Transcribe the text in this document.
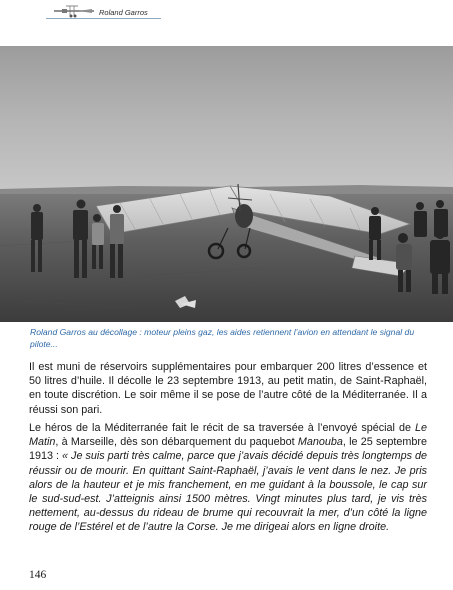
Roland Garros

Roland Garros au décollage : moteur pleins gaz, les aides retiennent l’avion en attendant le signal du pilote...

Il est muni de réservoirs supplémentaires pour embarquer 200 litres d’essence et 50 litres d’huile. Il décolle le 23 septembre 1913, au petit matin, de Saint-Raphaël, en toute discrétion. Le soir même il se pose de l’autre côté de la Méditerranée. Il a réussi son pari.

Le héros de la Méditerranée fait le récit de sa traversée à l’envoyé spécial de Le Matin, à Marseille, dès son débarquement du paquebot Manouba, le 25 septembre 1913 : « Je suis parti très calme, parce que j’avais décidé depuis très longtemps de réussir ou de mourir. En quittant Saint-Raphaël, j’avais le vent dans le nez. Je pris alors de la hauteur et je mis franchement, en me guidant à la boussole, le cap sur le sud-sud-est. J’atteignis ainsi 1500 mètres. Vingt minutes plus tard, je vis très nettement, au-dessus du rideau de brume qui recouvrait la mer, d’un côté la ligne rouge de l’Estérel et de l’autre la Corse. Je me dirigeai alors en ligne droite.

146
